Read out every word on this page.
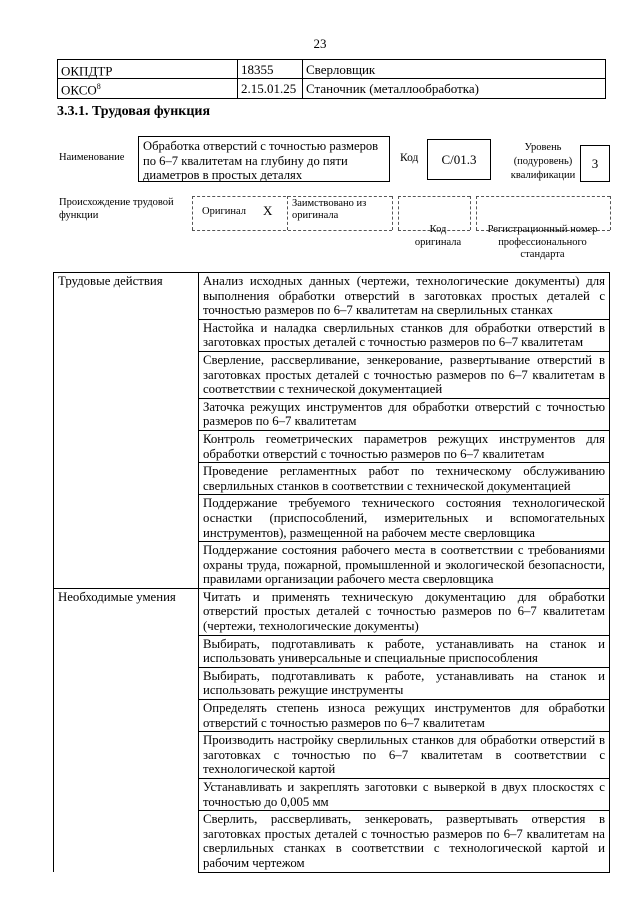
23
ОКПДТР	18355	Сверловщик
ОКСО$^8$	2.15.01.25	Станочник (металлообработка)
3.3.1. Трудовая функция
Наименование
Обработка отверстий с точностью размеров по 6–7 квалитетам на глубину до пяти диаметров в простых деталях
Код	С/01.3
Уровень (подуровень) квалификации
3
Происхождение трудовой функции	Оригинал X Заимствовано из оригинала
Код оригинала
Регистрационный номер профессионального стандарта
Трудовые действия	Анализ исходных данных (чертежи, технологические документы) для выполнения обработки отверстий в заготовках простых деталей с точностью размеров по 6–7 квалитетам на сверлильных станках
	Настойка и наладка сверлильных станков для обработки отверстий в заготовках простых деталей с точностью размеров по 6–7 квалитетам
	Сверление, рассверливание, зенкерование, развертывание отверстий в заготовках простых деталей с точностью размеров по 6–7 квалитетам в соответствии с технической документацией
	Заточка режущих инструментов для обработки отверстий с точностью размеров по 6–7 квалитетам
	Контроль геометрических параметров режущих инструментов для обработки отверстий с точностью размеров по 6–7 квалитетам
	Проведение регламентных работ по техническому обслуживанию сверлильных станков в соответствии с технической документацией
	Поддержание требуемого технического состояния технологической оснастки (приспособлений, измерительных и вспомогательных инструментов), размещенной на рабочем месте сверловщика
	Поддержание состояния рабочего места в соответствии с требованиями охраны труда, пожарной, промышленной и экологической безопасности, правилами организации рабочего места сверловщика
Необходимые умения	Читать и применять техническую документацию для обработки отверстий простых деталей с точностью размеров по 6–7 квалитетам (чертежи, технологические документы)
	Выбирать, подготавливать к работе, устанавливать на станок и использовать универсальные и специальные приспособления
	Выбирать, подготавливать к работе, устанавливать на станок и использовать режущие инструменты
	Определять степень износа режущих инструментов для обработки отверстий с точностью размеров по 6–7 квалитетам
	Производить настройку сверлильных станков для обработки отверстий в заготовках с точностью по 6–7 квалитетам в соответствии с технологической картой
	Устанавливать и закреплять заготовки с выверкой в двух плоскостях с точностью до 0,005 мм
	Сверлить, рассверливать, зенкеровать, развертывать отверстия в заготовках простых деталей с точностью размеров по 6–7 квалитетам на сверлильных станках в соответствии с технологической картой и рабочим чертежом
